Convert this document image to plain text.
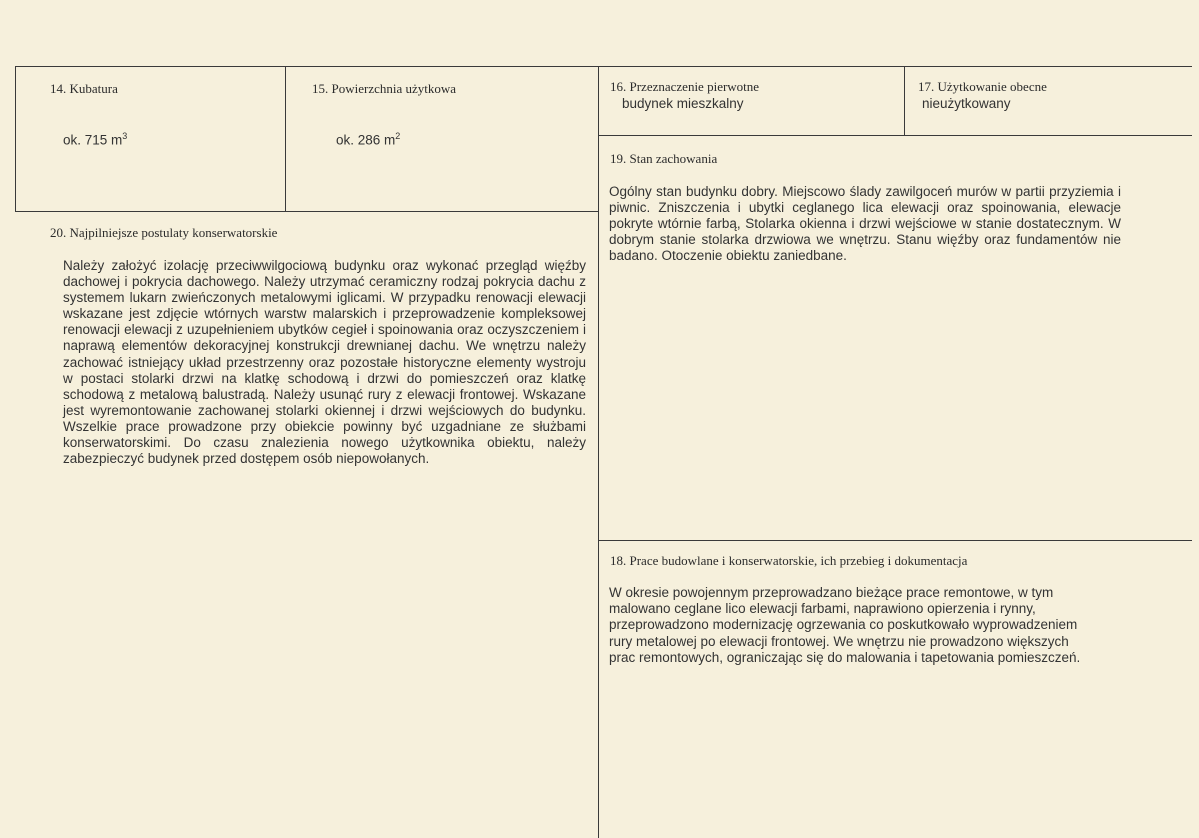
14. Kubatura
ok. 715 $m^3$
15. Powierzchnia użytkowa
ok. 286 $m^2$
16. Przeznaczenie pierwotne
budynek mieszkalny
17. Użytkowanie obecne
nieużytkowany
19. Stan zachowania
Ogólny stan budynku dobry. Miejscowo ślady zawilgoceń murów w partii przyziemia i piwnic. Zniszczenia i ubytki ceglanego lica elewacji oraz spoinowania, elewacje pokryte wtórnie farbą, Stolarka okienna i drzwi wejściowe w stanie dostatecznym. W dobrym stanie stolarka drzwiowa we wnętrzu. Stanu więźby oraz fundamentów nie badano. Otoczenie obiektu zaniedbane.
20. Najpilniejsze postulaty konserwatorskie
Należy założyć izolację przeciwwilgociową budynku oraz wykonać przegląd więźby dachowej i pokrycia dachowego. Należy utrzymać ceramiczny rodzaj pokrycia dachu z systemem lukarn zwieńczonych metalowymi iglicami. W przypadku renowacji elewacji wskazane jest zdjęcie wtórnych warstw malarskich i przeprowadzenie kompleksowej renowacji elewacji z uzupełnieniem ubytków cegieł i spoinowania oraz oczyszczeniem i naprawą elementów dekoracyjnej konstrukcji drewnianej dachu. We wnętrzu należy zachować istniejący układ przestrzenny oraz pozostałe historyczne elementy wystroju w postaci stolarki drzwi na klatkę schodową i drzwi do pomieszczeń oraz klatkę schodową z metalową balustradą. Należy usunąć rury z elewacji frontowej. Wskazane jest wyremontowanie zachowanej stolarki okiennej i drzwi wejściowych do budynku. Wszelkie prace prowadzone przy obiekcie powinny być uzgadniane ze służbami konserwatorskimi. Do czasu znalezienia nowego użytkownika obiektu, należy zabezpieczyć budynek przed dostępem osób niepowołanych.
18. Prace budowlane i konserwatorskie, ich przebieg i dokumentacja
W okresie powojennym przeprowadzano bieżące prace remontowe, w tym
malowano ceglane lico elewacji farbami, naprawiono opierzenia i rynny,
przeprowadzono modernizację ogrzewania co poskutkowało wyprowadzeniem
rury metalowej po elewacji frontowej. We wnętrzu nie prowadzono większych
prac remontowych, ograniczając się do malowania i tapetowania pomieszczeń.
